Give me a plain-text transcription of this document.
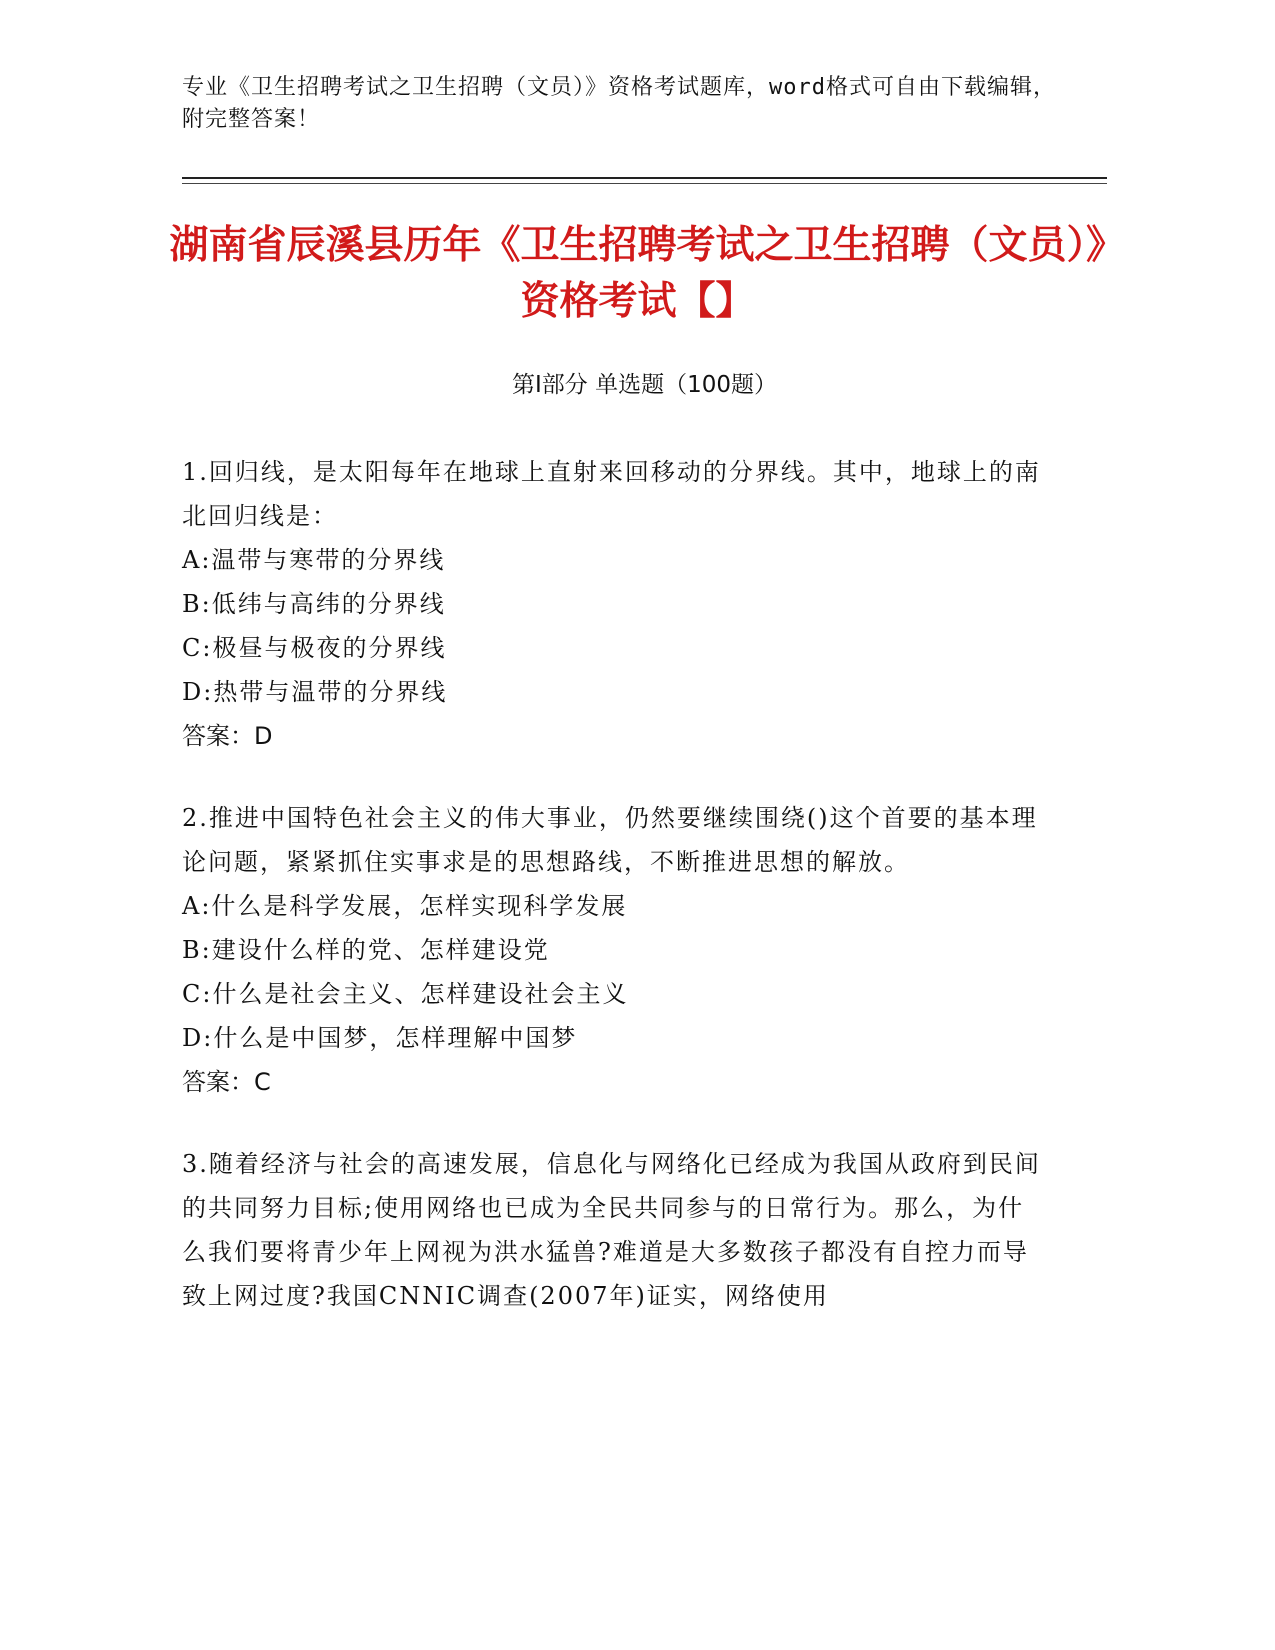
专业《卫生招聘考试之卫生招聘（文员）》资格考试题库，word格式可自由下载编辑，附完整答案！
湖南省辰溪县历年《卫生招聘考试之卫生招聘（文员）》资格考试【】
第Ⅰ部分 单选题（100题）

1.回归线，是太阳每年在地球上直射来回移动的分界线。其中，地球上的南北回归线是：

A:温带与寒带的分界线

B:低纬与高纬的分界线

C:极昼与极夜的分界线

D:热带与温带的分界线

答案：D

2.推进中国特色社会主义的伟大事业，仍然要继续围绕()这个首要的基本理论问题，紧紧抓住实事求是的思想路线，不断推进思想的解放。

A:什么是科学发展，怎样实现科学发展

B:建设什么样的党、怎样建设党

C:什么是社会主义、怎样建设社会主义

D:什么是中国梦，怎样理解中国梦

答案：C

3.随着经济与社会的高速发展，信息化与网络化已经成为我国从政府到民间的共同努力目标;使用网络也已成为全民共同参与的日常行为。那么，为什么我们要将青少年上网视为洪水猛兽?难道是大多数孩子都没有自控力而导致上网过度?我国CNNIC调查(2007年)证实，网络使用
